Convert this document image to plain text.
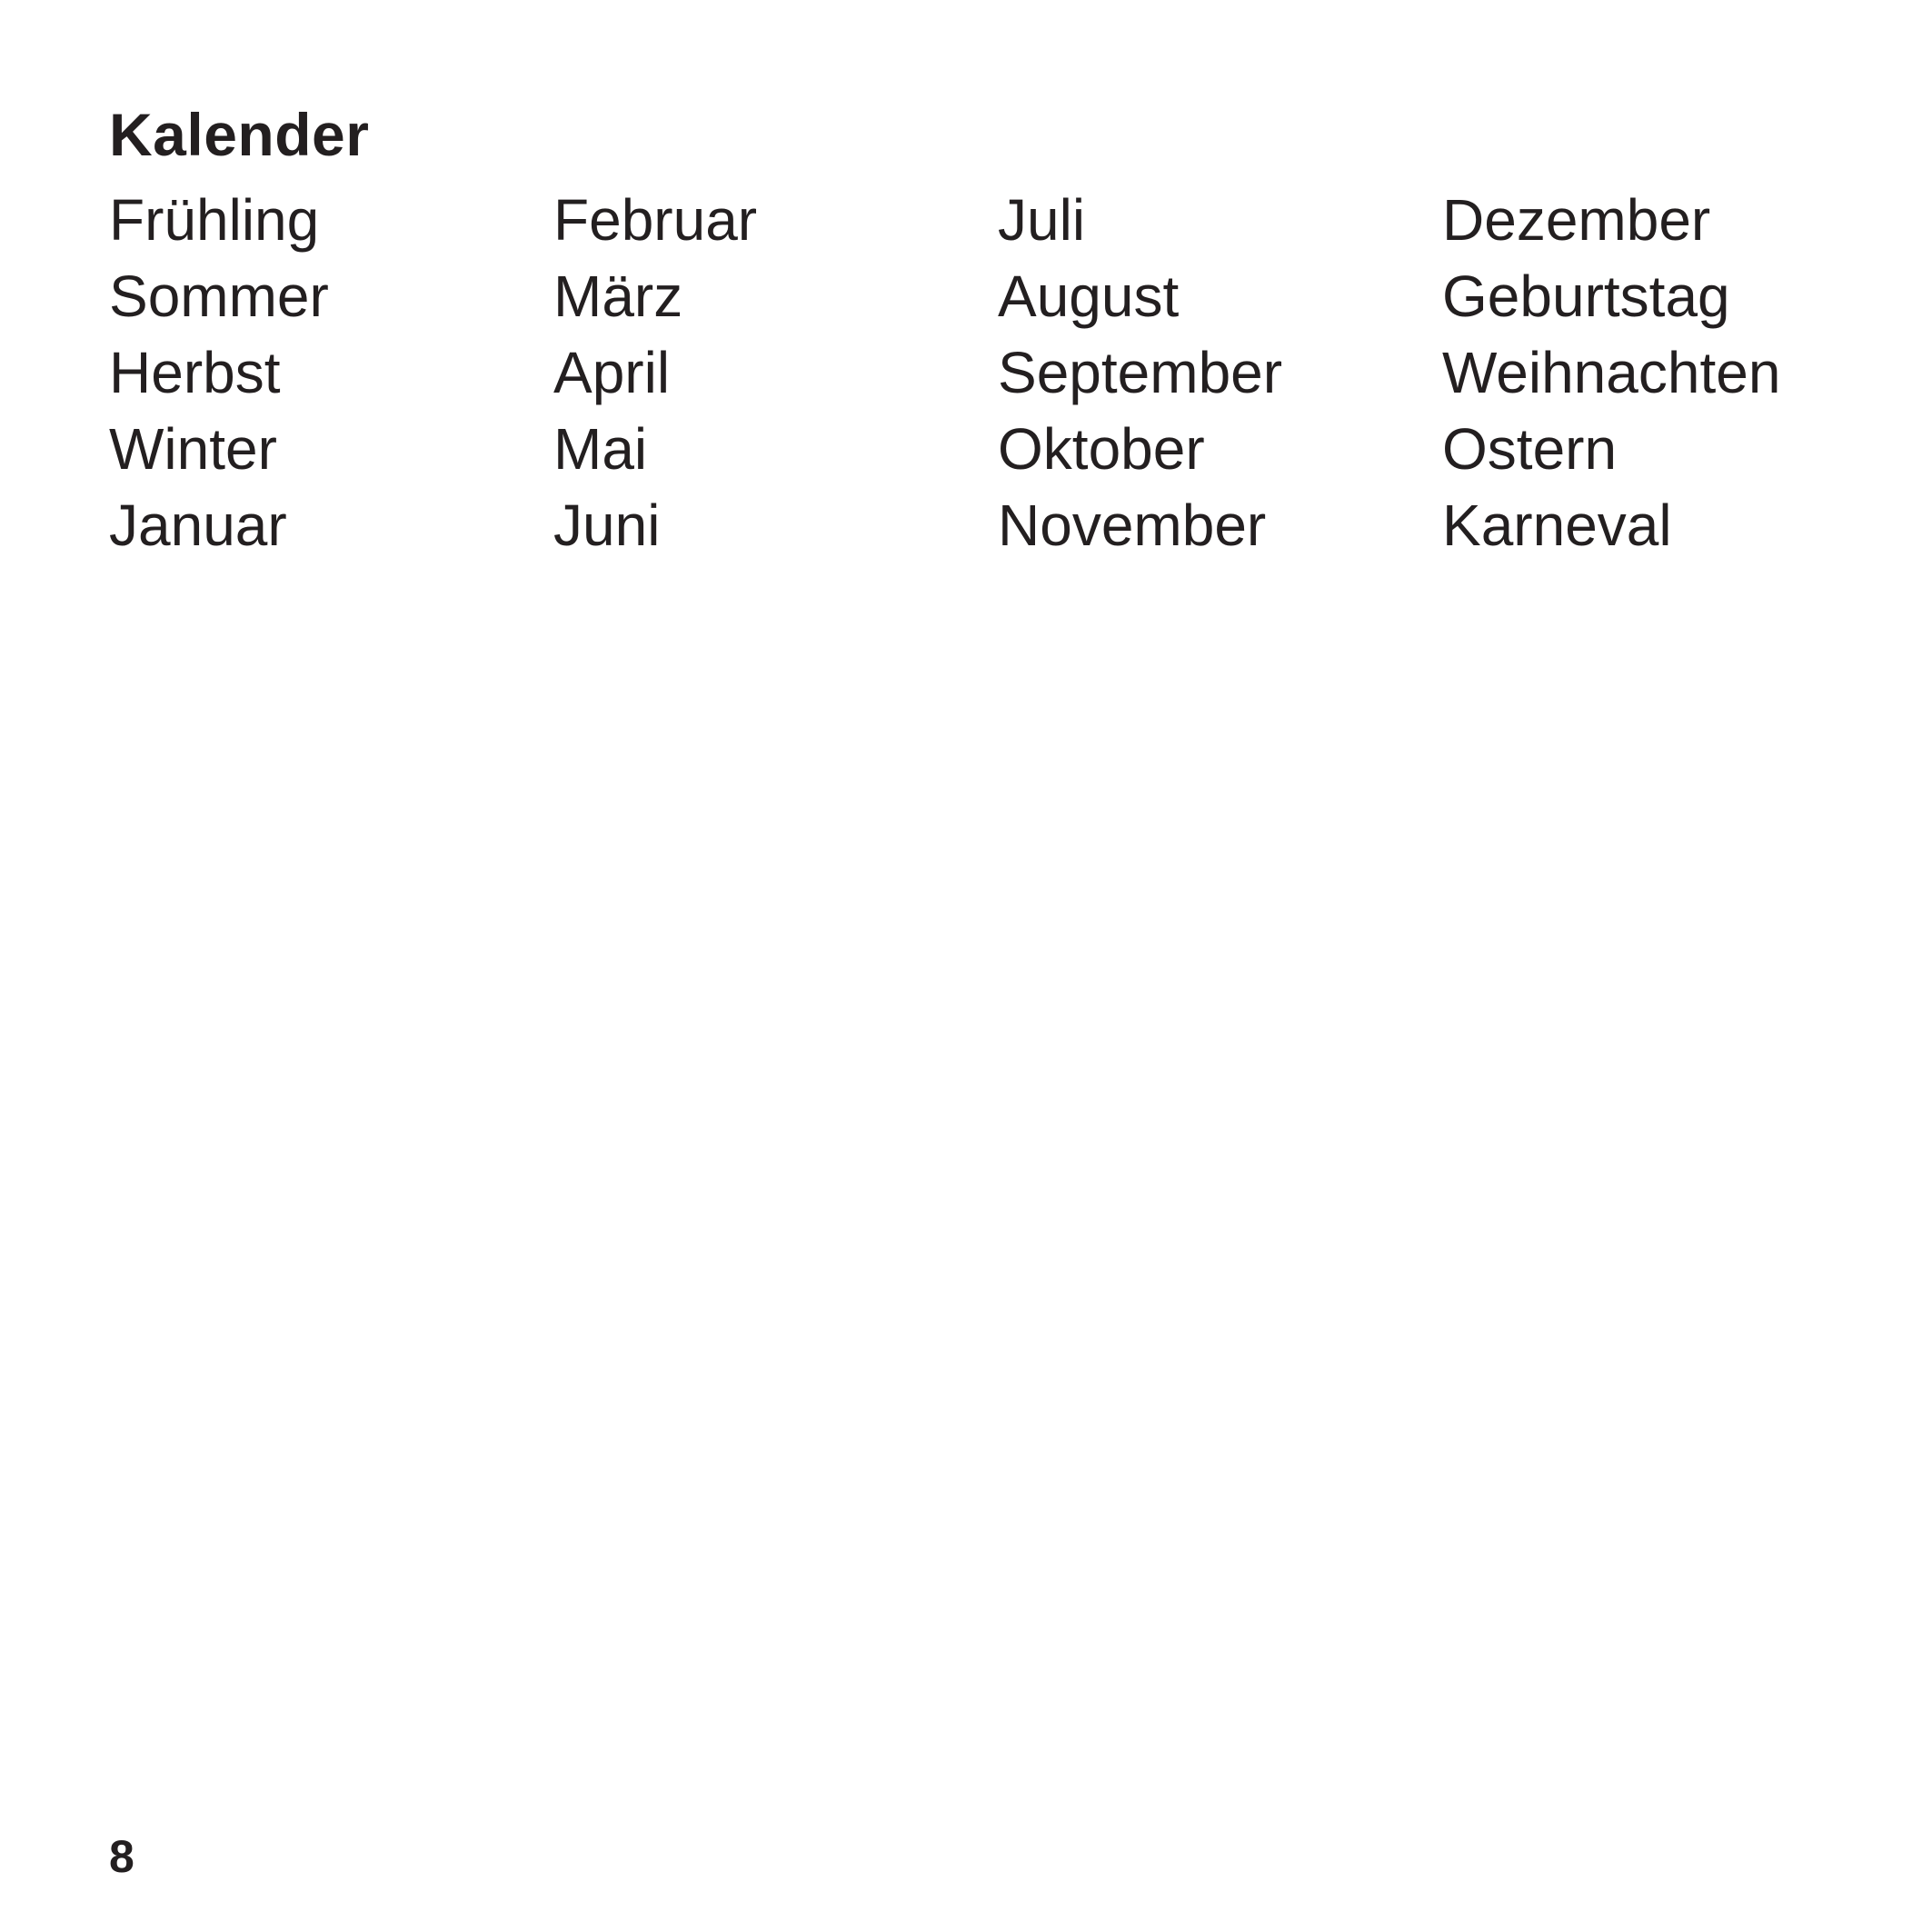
Kalender
Frühling	Februar	Juli	Dezember
Sommer	März	August	Geburtstag
Herbst	April	September	Weihnachten
Winter	Mai	Oktober	Ostern
Januar	Juni	November	Karneval
8
